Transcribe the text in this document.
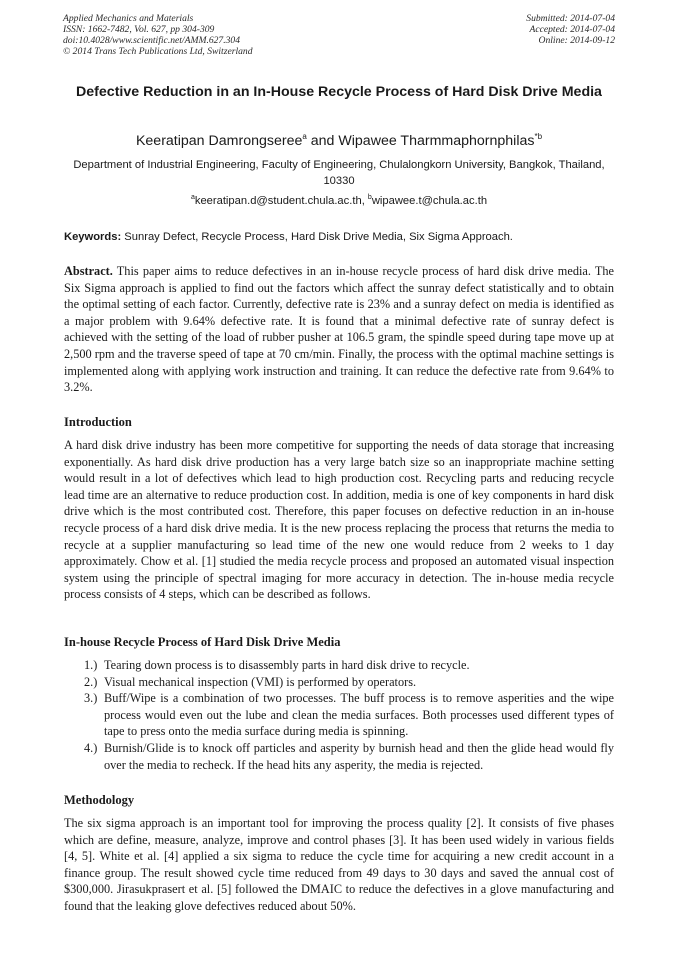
Applied Mechanics and Materials
ISSN: 1662-7482, Vol. 627, pp 304-309
doi:10.4028/www.scientific.net/AMM.627.304
© 2014 Trans Tech Publications Ltd, Switzerland
Submitted: 2014-07-04
Accepted: 2014-07-04
Online: 2014-09-12
Defective Reduction in an In-House Recycle Process of Hard Disk Drive Media
Keeratipan Damrongseree$^a$ and Wipawee Tharmmaphornphilas$^{*b}$
Department of Industrial Engineering, Faculty of Engineering, Chulalongkorn University, Bangkok, Thailand, 10330
$^a$keeratipan.d@student.chula.ac.th, $^b$wipawee.t@chula.ac.th
Keywords: Sunray Defect, Recycle Process, Hard Disk Drive Media, Six Sigma Approach.
Abstract. This paper aims to reduce defectives in an in-house recycle process of hard disk drive media. The Six Sigma approach is applied to find out the factors which affect the sunray defect statistically and to obtain the optimal setting of each factor. Currently, defective rate is 23% and a sunray defect on media is identified as a major problem with 9.64% defective rate. It is found that a minimal defective rate of sunray defect is achieved with the setting of the load of rubber pusher at 106.5 gram, the spindle speed during tape move up at 2,500 rpm and the traverse speed of tape at 70 cm/min. Finally, the process with the optimal machine settings is implemented along with applying work instruction and training. It can reduce the defective rate from 9.64% to 3.2%.
Introduction
A hard disk drive industry has been more competitive for supporting the needs of data storage that increasing exponentially. As hard disk drive production has a very large batch size so an inappropriate machine setting would result in a lot of defectives which lead to high production cost. Recycling parts and reducing recycle lead time are an alternative to reduce production cost. In addition, media is one of key components in hard disk drive which is the most contributed cost. Therefore, this paper focuses on defective reduction in an in-house recycle process of a hard disk drive media. It is the new process replacing the process that returns the media to recycle at a supplier manufacturing so lead time of the new one would reduce from 2 weeks to 1 day approximately. Chow et al. [1] studied the media recycle process and proposed an automated visual inspection system using the principle of spectral imaging for more accuracy in detection. The in-house media recycle process consists of 4 steps, which can be described as follows.
In-house Recycle Process of Hard Disk Drive Media
1.) Tearing down process is to disassembly parts in hard disk drive to recycle.
2.) Visual mechanical inspection (VMI) is performed by operators.
3.) Buff/Wipe is a combination of two processes. The buff process is to remove asperities and the wipe process would even out the lube and clean the media surfaces. Both processes used different types of tape to press onto the media surface during media is spinning.
4.) Burnish/Glide is to knock off particles and asperity by burnish head and then the glide head would fly over the media to recheck. If the head hits any asperity, the media is rejected.
Methodology
The six sigma approach is an important tool for improving the process quality [2]. It consists of five phases which are define, measure, analyze, improve and control phases [3]. It has been used widely in various fields [4, 5]. White et al. [4] applied a six sigma to reduce the cycle time for acquiring a new credit account in a finance group. The result showed cycle time reduced from 49 days to 30 days and saved the annual cost of $300,000. Jirasukprasert et al. [5] followed the DMAIC to reduce the defectives in a glove manufacturing and found that the leaking glove defectives reduced about 50%.
